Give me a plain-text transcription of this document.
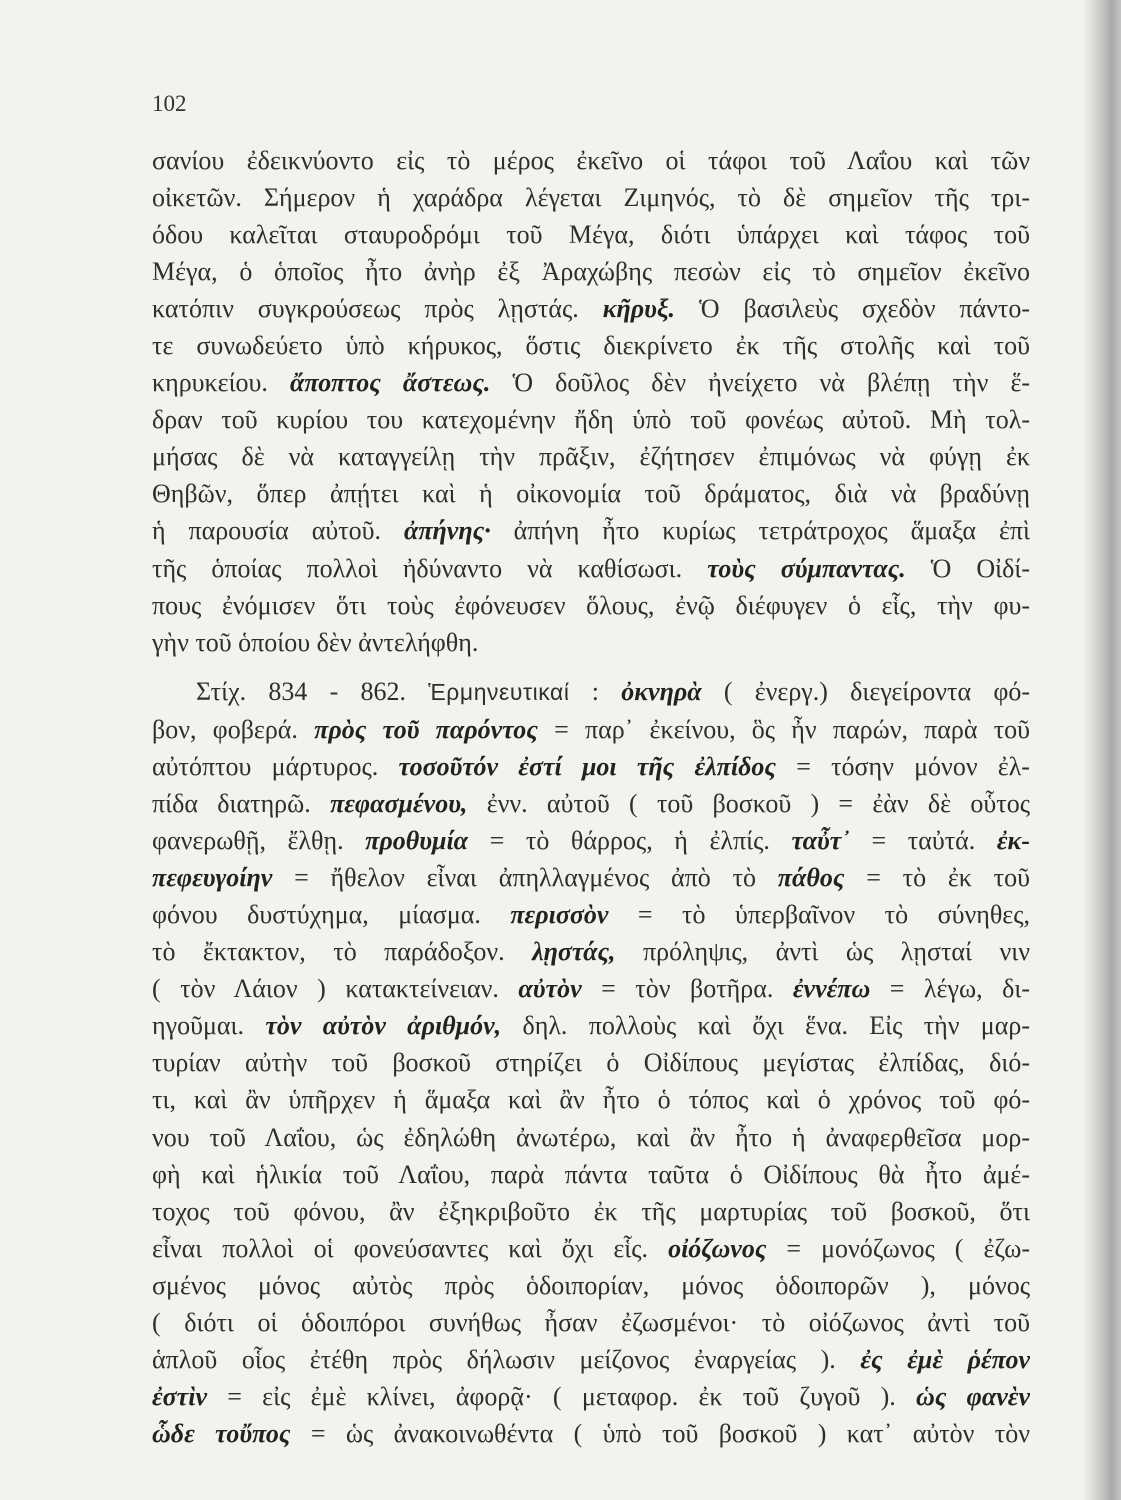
102
σανίου ἐδεικνύοντο εἰς τὸ μέρος ἐκεῖνο οἱ τάφοι τοῦ Λαΐου καὶ τῶν
οἰκετῶν. Σήμερον ἡ χαράδρα λέγεται Ζιμηνός, τὸ δὲ σημεῖον τῆς τρι-
όδου καλεῖται σταυροδρόμι τοῦ Μέγα, διότι ὑπάρχει καὶ τάφος τοῦ
Μέγα, ὁ ὁποῖος ἦτο ἀνὴρ ἐξ Ἀραχώβης πεσὼν εἰς τὸ σημεῖον ἐκεῖνο
κατόπιν συγκρούσεως πρὸς λῃστάς. κῆρυξ. Ὁ βασιλεὺς σχεδὸν πάντο-
τε συνωδεύετο ὑπὸ κήρυκος, ὅστις διεκρίνετο ἐκ τῆς στολῆς καὶ τοῦ
κηρυκείου. ἄποπτος ἄστεως. Ὁ δοῦλος δὲν ἠνείχετο νὰ βλέπῃ τὴν ἕ-
δραν τοῦ κυρίου του κατεχομένην ἤδη ὑπὸ τοῦ φονέως αὐτοῦ. Μὴ τολ-
μήσας δὲ νὰ καταγγείλῃ τὴν πρᾶξιν, ἐζήτησεν ἐπιμόνως νὰ φύγῃ ἐκ
Θηβῶν, ὅπερ ἀπῄτει καὶ ἡ οἰκονομία τοῦ δράματος, διὰ νὰ βραδύνῃ
ἡ παρουσία αὐτοῦ. ἀπήνης· ἀπήνη ἦτο κυρίως τετράτροχος ἅμαξα ἐπὶ
τῆς ὁποίας πολλοὶ ἠδύναντο νὰ καθίσωσι. τοὺς σύμπαντας. Ὁ Οἰδί-
πους ἐνόμισεν ὅτι τοὺς ἐφόνευσεν ὅλους, ἐνῷ διέφυγεν ὁ εἷς, τὴν φυ-
γὴν τοῦ ὁποίου δὲν ἀντελήφθη.
Στίχ. 834 - 862. Ἑρμηνευτικαί : ὀκνηρὰ ( ἐνεργ.) διεγείροντα φό-
βον, φοβερά. πρὸς τοῦ παρόντος = παρ᾽ ἐκείνου, ὃς ἦν παρών, παρὰ τοῦ
αὐτόπτου μάρτυρος. τοσοῦτόν ἐστί μοι τῆς ἐλπίδος = τόσην μόνον ἐλ-
πίδα διατηρῶ. πεφασμένου, ἐνν. αὐτοῦ ( τοῦ βοσκοῦ ) = ἐὰν δὲ οὗτος
φανερωθῇ, ἔλθῃ. προθυμία = τὸ θάρρος, ἡ ἐλπίς. ταὖτ᾽ = ταὐτά. ἐκ-
πεφευγοίην = ἤθελον εἶναι ἀπηλλαγμένος ἀπὸ τὸ πάθος = τὸ ἐκ τοῦ
φόνου δυστύχημα, μίασμα. περισσὸν = τὸ ὑπερβαῖνον τὸ σύνηθες,
τὸ ἔκτακτον, τὸ παράδοξον. λῃστάς, πρόληψις, ἀντὶ ὡς λῃσταί νιν
( τὸν Λάιον ) κατακτείνειαν. αὐτὸν = τὸν βοτῆρα. ἐννέπω = λέγω, δι-
ηγοῦμαι. τὸν αὐτὸν ἀριθμόν, δηλ. πολλοὺς καὶ ὄχι ἕνα. Εἰς τὴν μαρ-
τυρίαν αὐτὴν τοῦ βοσκοῦ στηρίζει ὁ Οἰδίπους μεγίστας ἐλπίδας, διό-
τι, καὶ ἂν ὑπῆρχεν ἡ ἅμαξα καὶ ἂν ἦτο ὁ τόπος καὶ ὁ χρόνος τοῦ φό-
νου τοῦ Λαΐου, ὡς ἐδηλώθη ἀνωτέρω, καὶ ἂν ἦτο ἡ ἀναφερθεῖσα μορ-
φὴ καὶ ἡλικία τοῦ Λαΐου, παρὰ πάντα ταῦτα ὁ Οἰδίπους θὰ ἦτο ἀμέ-
τοχος τοῦ φόνου, ἂν ἐξηκριβοῦτο ἐκ τῆς μαρτυρίας τοῦ βοσκοῦ, ὅτι
εἶναι πολλοὶ οἱ φονεύσαντες καὶ ὄχι εἷς. οἰόζωνος = μονόζωνος ( ἐζω-
σμένος μόνος αὐτὸς πρὸς ὁδοιπορίαν, μόνος ὁδοιπορῶν ), μόνος
( διότι οἱ ὁδοιπόροι συνήθως ἦσαν ἐζωσμένοι· τὸ οἰόζωνος ἀντὶ τοῦ
ἁπλοῦ οἷος ἐτέθη πρὸς δήλωσιν μείζονος ἐναργείας ). ἐς ἐμὲ ῥέπον
ἐστὶν = εἰς ἐμὲ κλίνει, ἀφορᾷ· ( μεταφορ. ἐκ τοῦ ζυγοῦ ). ὡς φανὲν
ὧδε τοὔπος = ὡς ἀνακοινωθέντα ( ὑπὸ τοῦ βοσκοῦ ) κατ᾽ αὐτὸν τὸν
